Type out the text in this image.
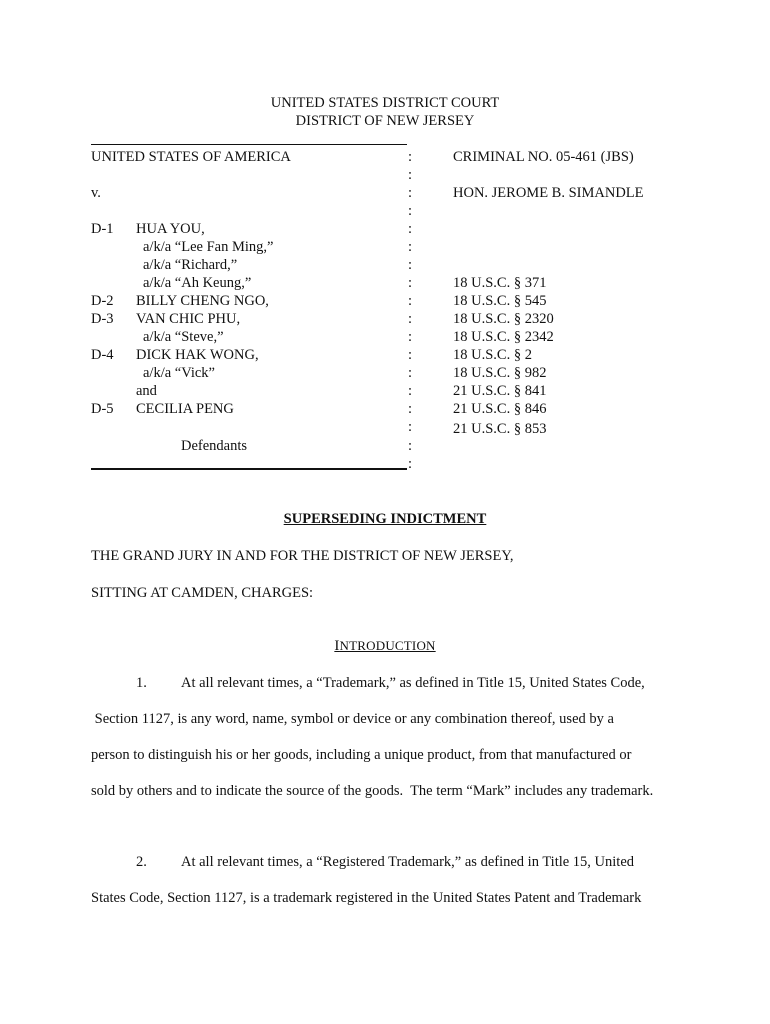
UNITED STATES DISTRICT COURT
DISTRICT OF NEW JERSEY
UNITED STATES OF AMERICA
v.
D-1 HUA YOU,
a/k/a “Lee Fan Ming,”
a/k/a “Richard,”
a/k/a “Ah Keung,”
D-2 BILLY CHENG NGO,
D-3 VAN CHIC PHU,
a/k/a “Steve,”
D-4 DICK HAK WONG,
a/k/a “Vick”
and
D-5 CECILIA PENG
Defendants
:
:
:
:
:
:
:
:
:
:
:
:
:
:
:
:
:
:
CRIMINAL NO. 05-461 (JBS)
HON. JEROME B. SIMANDLE
18 U.S.C. § 371
18 U.S.C. § 545
18 U.S.C. § 2320
18 U.S.C. § 2342
18 U.S.C. § 2
18 U.S.C. § 982
21 U.S.C. § 841
21 U.S.C. § 846
21 U.S.C. § 853
SUPERSEDING INDICTMENT
THE GRAND JURY IN AND FOR THE DISTRICT OF NEW JERSEY,
SITTING AT CAMDEN, CHARGES:
INTRODUCTION
1. At all relevant times, a “Trademark,” as defined in Title 15, United States Code,
Section 1127, is any word, name, symbol or device or any combination thereof, used by a
person to distinguish his or her goods, including a unique product, from that manufactured or
sold by others and to indicate the source of the goods.  The term “Mark” includes any trademark.
2. At all relevant times, a “Registered Trademark,” as defined in Title 15, United
States Code, Section 1127, is a trademark registered in the United States Patent and Trademark
